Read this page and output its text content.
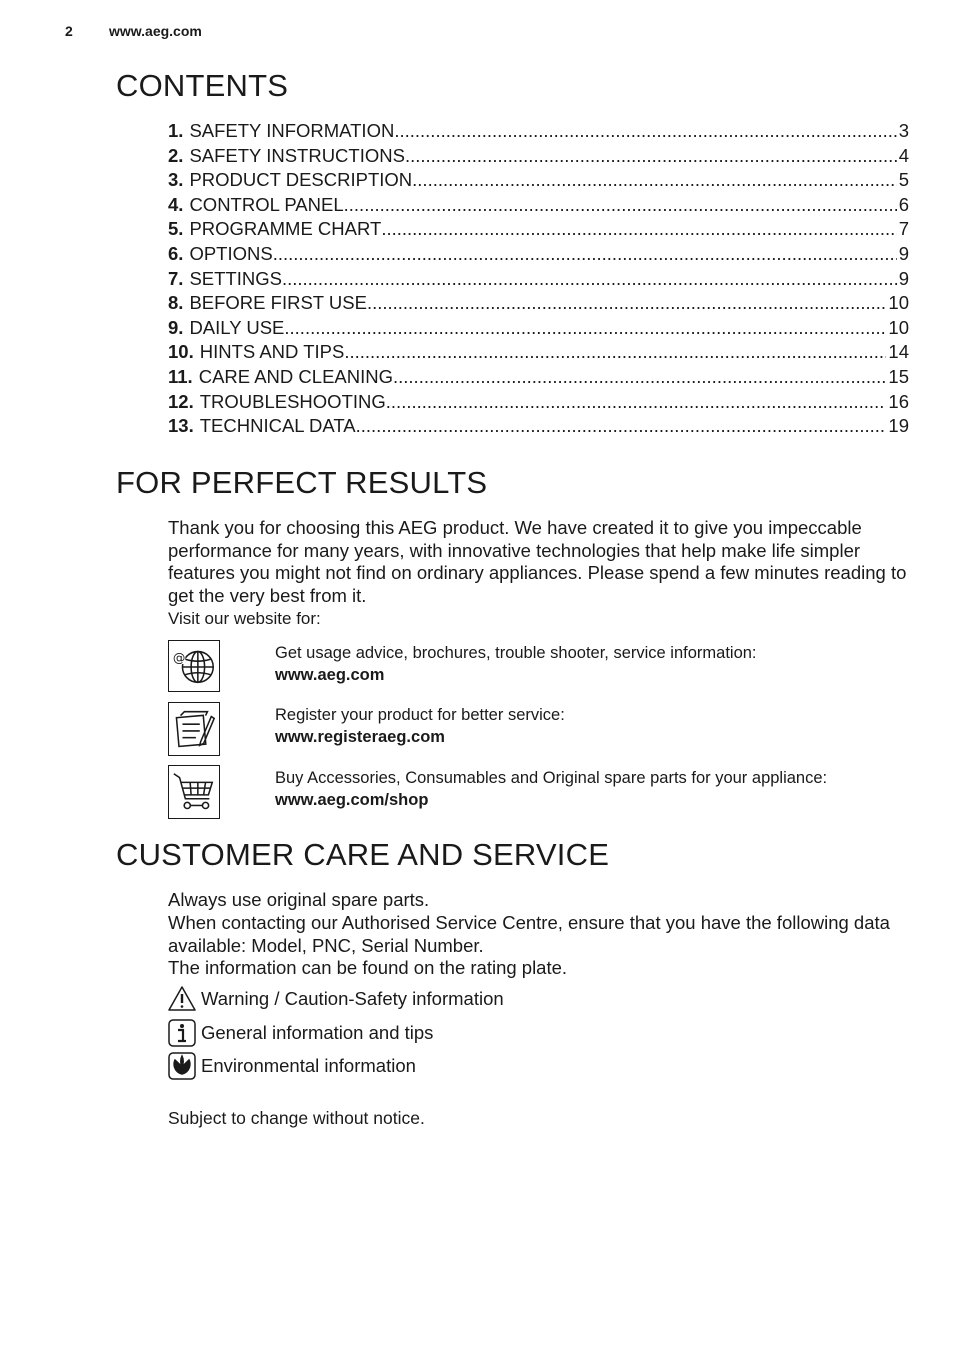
2	www.aeg.com
CONTENTS
1. SAFETY INFORMATION .....	3
2. SAFETY INSTRUCTIONS .....	4
3. PRODUCT DESCRIPTION .....	5
4. CONTROL PANEL .....	6
5. PROGRAMME CHART .....	7
6. OPTIONS .....	9
7. SETTINGS .....	9
8. BEFORE FIRST USE .....	10
9. DAILY USE .....	10
10. HINTS AND TIPS .....	14
11. CARE AND CLEANING .....	15
12. TROUBLESHOOTING .....	16
13. TECHNICAL DATA .....	19
FOR PERFECT RESULTS
Thank you for choosing this AEG product. We have created it to give you impeccable performance for many years, with innovative technologies that help make life simpler features you might not find on ordinary appliances. Please spend a few minutes reading to get the very best from it.
Visit our website for:
@	Get usage advice, brochures, trouble shooter, service information:
www.aeg.com
Register your product for better service:
www.registeraeg.com
Buy Accessories, Consumables and Original spare parts for your appliance:
www.aeg.com/shop
CUSTOMER CARE AND SERVICE
Always use original spare parts.
When contacting our Authorised Service Centre, ensure that you have the following data available: Model, PNC, Serial Number.
The information can be found on the rating plate.
Warning / Caution-Safety information
General information and tips
Environmental information
Subject to change without notice.
